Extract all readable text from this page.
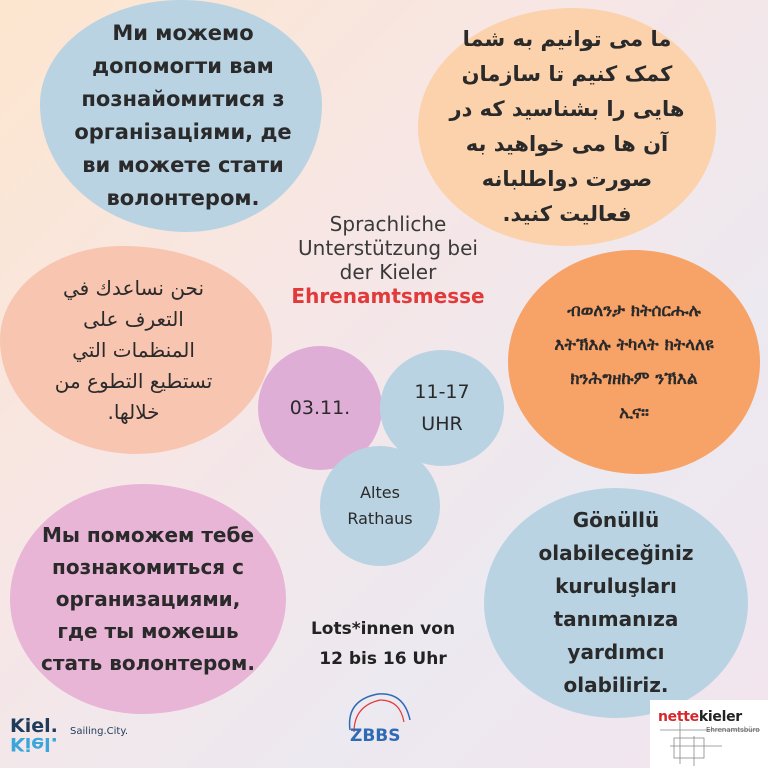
Ми можемо
допомогти вам
познайомитися з
організаціями, де
ви можете стати
волонтером.
ما می توانیم به شما
کمک کنیم تا سازمان
هایی را بشناسید که در
آن ها می خواهید به
صورت دواطلبانه
فعالیت کنید.
Sprachliche
Unterstützung bei
der Kieler
Ehrenamtsmesse
نحن نساعدك في
التعرف على
المنظمات التي
تستطيع التطوع من
خلالها.
ብወለንታ ክትሰርሑሉ
እትኽእሉ ትካላት ክትላለዩ
ክንሕግዘኩም ንኽእል
ኢና።
03.11.
11-17
UHR
Altes
Rathaus
Мы поможем тебе
познакомиться с
организациями,
где ты можешь
стать волонтером.
Gönüllü
olabileceğiniz
kuruluşları
tanımanıza
yardımcı
olabiliriz.
Lots*innen von
12 bis 16 Uhr
Kiel.
Kiel.
Sailing.City.	ZBBS
nettekieler
Ehrenamtsbüro
